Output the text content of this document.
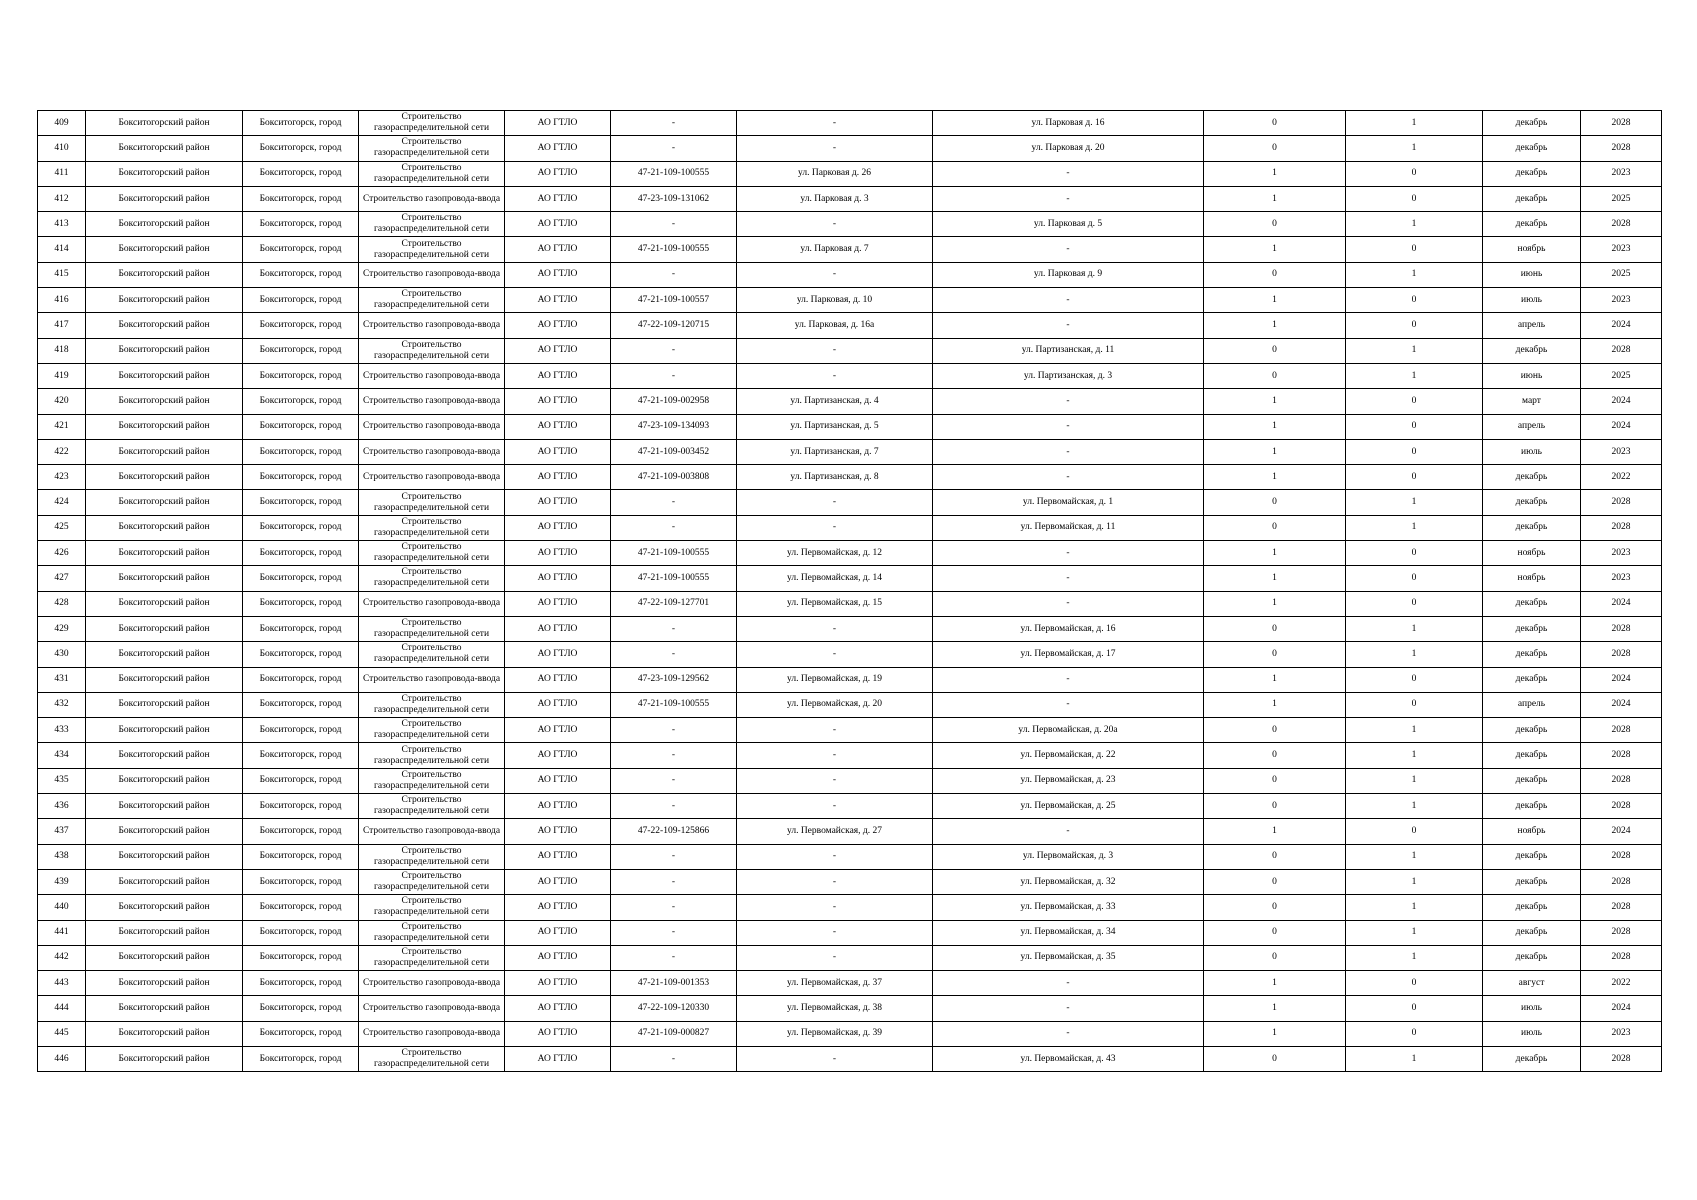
409	Бокситогорский район	Бокситогорск, город	Строительство газораспределительной сети	АО ГТЛО	-	-	ул. Парковая д. 16	0	1	декабрь	2028
410	Бокситогорский район	Бокситогорск, город	Строительство газораспределительной сети	АО ГТЛО	-	-	ул. Парковая д. 20	0	1	декабрь	2028
411	Бокситогорский район	Бокситогорск, город	Строительство газораспределительной сети	АО ГТЛО	47-21-109-100555	ул. Парковая д. 26	-	1	0	декабрь	2023
412	Бокситогорский район	Бокситогорск, город	Строительство газопровода-ввода	АО ГТЛО	47-23-109-131062	ул. Парковая д. 3	-	1	0	декабрь	2025
413	Бокситогорский район	Бокситогорск, город	Строительство газораспределительной сети	АО ГТЛО	-	-	ул. Парковая д. 5	0	1	декабрь	2028
414	Бокситогорский район	Бокситогорск, город	Строительство газораспределительной сети	АО ГТЛО	47-21-109-100555	ул. Парковая д. 7	-	1	0	ноябрь	2023
415	Бокситогорский район	Бокситогорск, город	Строительство газопровода-ввода	АО ГТЛО	-	-	ул. Парковая д. 9	0	1	июнь	2025
416	Бокситогорский район	Бокситогорск, город	Строительство газораспределительной сети	АО ГТЛО	47-21-109-100557	ул. Парковая, д. 10	-	1	0	июль	2023
417	Бокситогорский район	Бокситогорск, город	Строительство газопровода-ввода	АО ГТЛО	47-22-109-120715	ул. Парковая, д. 16а	-	1	0	апрель	2024
418	Бокситогорский район	Бокситогорск, город	Строительство газораспределительной сети	АО ГТЛО	-	-	ул. Партизанская, д. 11	0	1	декабрь	2028
419	Бокситогорский район	Бокситогорск, город	Строительство газопровода-ввода	АО ГТЛО	-	-	ул. Партизанская, д. 3	0	1	июнь	2025
420	Бокситогорский район	Бокситогорск, город	Строительство газопровода-ввода	АО ГТЛО	47-21-109-002958	ул. Партизанская, д. 4	-	1	0	март	2024
421	Бокситогорский район	Бокситогорск, город	Строительство газопровода-ввода	АО ГТЛО	47-23-109-134093	ул. Партизанская, д. 5	-	1	0	апрель	2024
422	Бокситогорский район	Бокситогорск, город	Строительство газопровода-ввода	АО ГТЛО	47-21-109-003452	ул. Партизанская, д. 7	-	1	0	июль	2023
423	Бокситогорский район	Бокситогорск, город	Строительство газопровода-ввода	АО ГТЛО	47-21-109-003808	ул. Партизанская, д. 8	-	1	0	декабрь	2022
424	Бокситогорский район	Бокситогорск, город	Строительство газораспределительной сети	АО ГТЛО	-	-	ул. Первомайская, д. 1	0	1	декабрь	2028
425	Бокситогорский район	Бокситогорск, город	Строительство газораспределительной сети	АО ГТЛО	-	-	ул. Первомайская, д. 11	0	1	декабрь	2028
426	Бокситогорский район	Бокситогорск, город	Строительство газораспределительной сети	АО ГТЛО	47-21-109-100555	ул. Первомайская, д. 12	-	1	0	ноябрь	2023
427	Бокситогорский район	Бокситогорск, город	Строительство газораспределительной сети	АО ГТЛО	47-21-109-100555	ул. Первомайская, д. 14	-	1	0	ноябрь	2023
428	Бокситогорский район	Бокситогорск, город	Строительство газопровода-ввода	АО ГТЛО	47-22-109-127701	ул. Первомайская, д. 15	-	1	0	декабрь	2024
429	Бокситогорский район	Бокситогорск, город	Строительство газораспределительной сети	АО ГТЛО	-	-	ул. Первомайская, д. 16	0	1	декабрь	2028
430	Бокситогорский район	Бокситогорск, город	Строительство газораспределительной сети	АО ГТЛО	-	-	ул. Первомайская, д. 17	0	1	декабрь	2028
431	Бокситогорский район	Бокситогорск, город	Строительство газопровода-ввода	АО ГТЛО	47-23-109-129562	ул. Первомайская, д. 19	-	1	0	декабрь	2024
432	Бокситогорский район	Бокситогорск, город	Строительство газораспределительной сети	АО ГТЛО	47-21-109-100555	ул. Первомайская, д. 20	-	1	0	апрель	2024
433	Бокситогорский район	Бокситогорск, город	Строительство газораспределительной сети	АО ГТЛО	-	-	ул. Первомайская, д. 20а	0	1	декабрь	2028
434	Бокситогорский район	Бокситогорск, город	Строительство газораспределительной сети	АО ГТЛО	-	-	ул. Первомайская, д. 22	0	1	декабрь	2028
435	Бокситогорский район	Бокситогорск, город	Строительство газораспределительной сети	АО ГТЛО	-	-	ул. Первомайская, д. 23	0	1	декабрь	2028
436	Бокситогорский район	Бокситогорск, город	Строительство газораспределительной сети	АО ГТЛО	-	-	ул. Первомайская, д. 25	0	1	декабрь	2028
437	Бокситогорский район	Бокситогорск, город	Строительство газопровода-ввода	АО ГТЛО	47-22-109-125866	ул. Первомайская, д. 27	-	1	0	ноябрь	2024
438	Бокситогорский район	Бокситогорск, город	Строительство газораспределительной сети	АО ГТЛО	-	-	ул. Первомайская, д. 3	0	1	декабрь	2028
439	Бокситогорский район	Бокситогорск, город	Строительство газораспределительной сети	АО ГТЛО	-	-	ул. Первомайская, д. 32	0	1	декабрь	2028
440	Бокситогорский район	Бокситогорск, город	Строительство газораспределительной сети	АО ГТЛО	-	-	ул. Первомайская, д. 33	0	1	декабрь	2028
441	Бокситогорский район	Бокситогорск, город	Строительство газораспределительной сети	АО ГТЛО	-	-	ул. Первомайская, д. 34	0	1	декабрь	2028
442	Бокситогорский район	Бокситогорск, город	Строительство газораспределительной сети	АО ГТЛО	-	-	ул. Первомайская, д. 35	0	1	декабрь	2028
443	Бокситогорский район	Бокситогорск, город	Строительство газопровода-ввода	АО ГТЛО	47-21-109-001353	ул. Первомайская, д. 37	-	1	0	август	2022
444	Бокситогорский район	Бокситогорск, город	Строительство газопровода-ввода	АО ГТЛО	47-22-109-120330	ул. Первомайская, д. 38	-	1	0	июль	2024
445	Бокситогорский район	Бокситогорск, город	Строительство газопровода-ввода	АО ГТЛО	47-21-109-000827	ул. Первомайская, д. 39	-	1	0	июль	2023
446	Бокситогорский район	Бокситогорск, город	Строительство газораспределительной сети	АО ГТЛО	-	-	ул. Первомайская, д. 43	0	1	декабрь	2028
